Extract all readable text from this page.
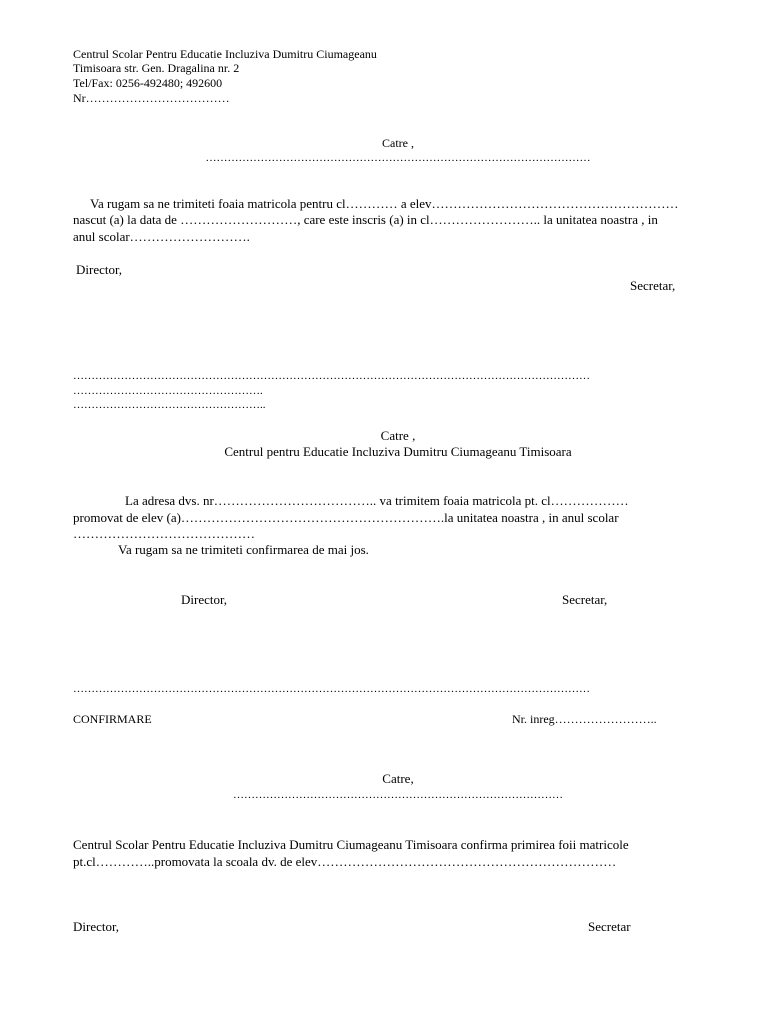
Centrul Scolar Pentru Educatie Incluziva Dumitru Ciumageanu
Timisoara str. Gen. Dragalina nr. 2
Tel/Fax: 0256-492480; 492600
Nr………………………………
Catre ,
……………………………………………………………………………………………
Va rugam sa ne trimiteti foaia matricola pentru cl………… a elev…………………………………………………
nascut (a) la data de ………………………, care este inscris (a) in cl…………………….. la unitatea noastra , in
anul scolar……………………….
Director,
Secretar,
……………………………………………………………………………………………………………………………
…………………………………………….
……………………………………………..
Catre ,
Centrul pentru Educatie Incluziva Dumitru Ciumageanu Timisoara
La adresa dvs. nr……………………………….. va trimitem foaia matricola pt. cl………………
promovat de elev (a)…………………………………………………….la unitatea noastra , in anul scolar
……………………………………
Va rugam sa ne trimiteti confirmarea de mai jos.
Director,	Secretar,
……………………………………………………………………………………………………………………………
CONFIRMARE	Nr. inreg……………………..
Catre,
………………………………………………………………………………
Centrul Scolar Pentru Educatie Incluziva Dumitru Ciumageanu Timisoara confirma primirea foii matricole
pt.cl…………..promovata la scoala dv. de elev……………………………………………………………
Director,	Secretar
